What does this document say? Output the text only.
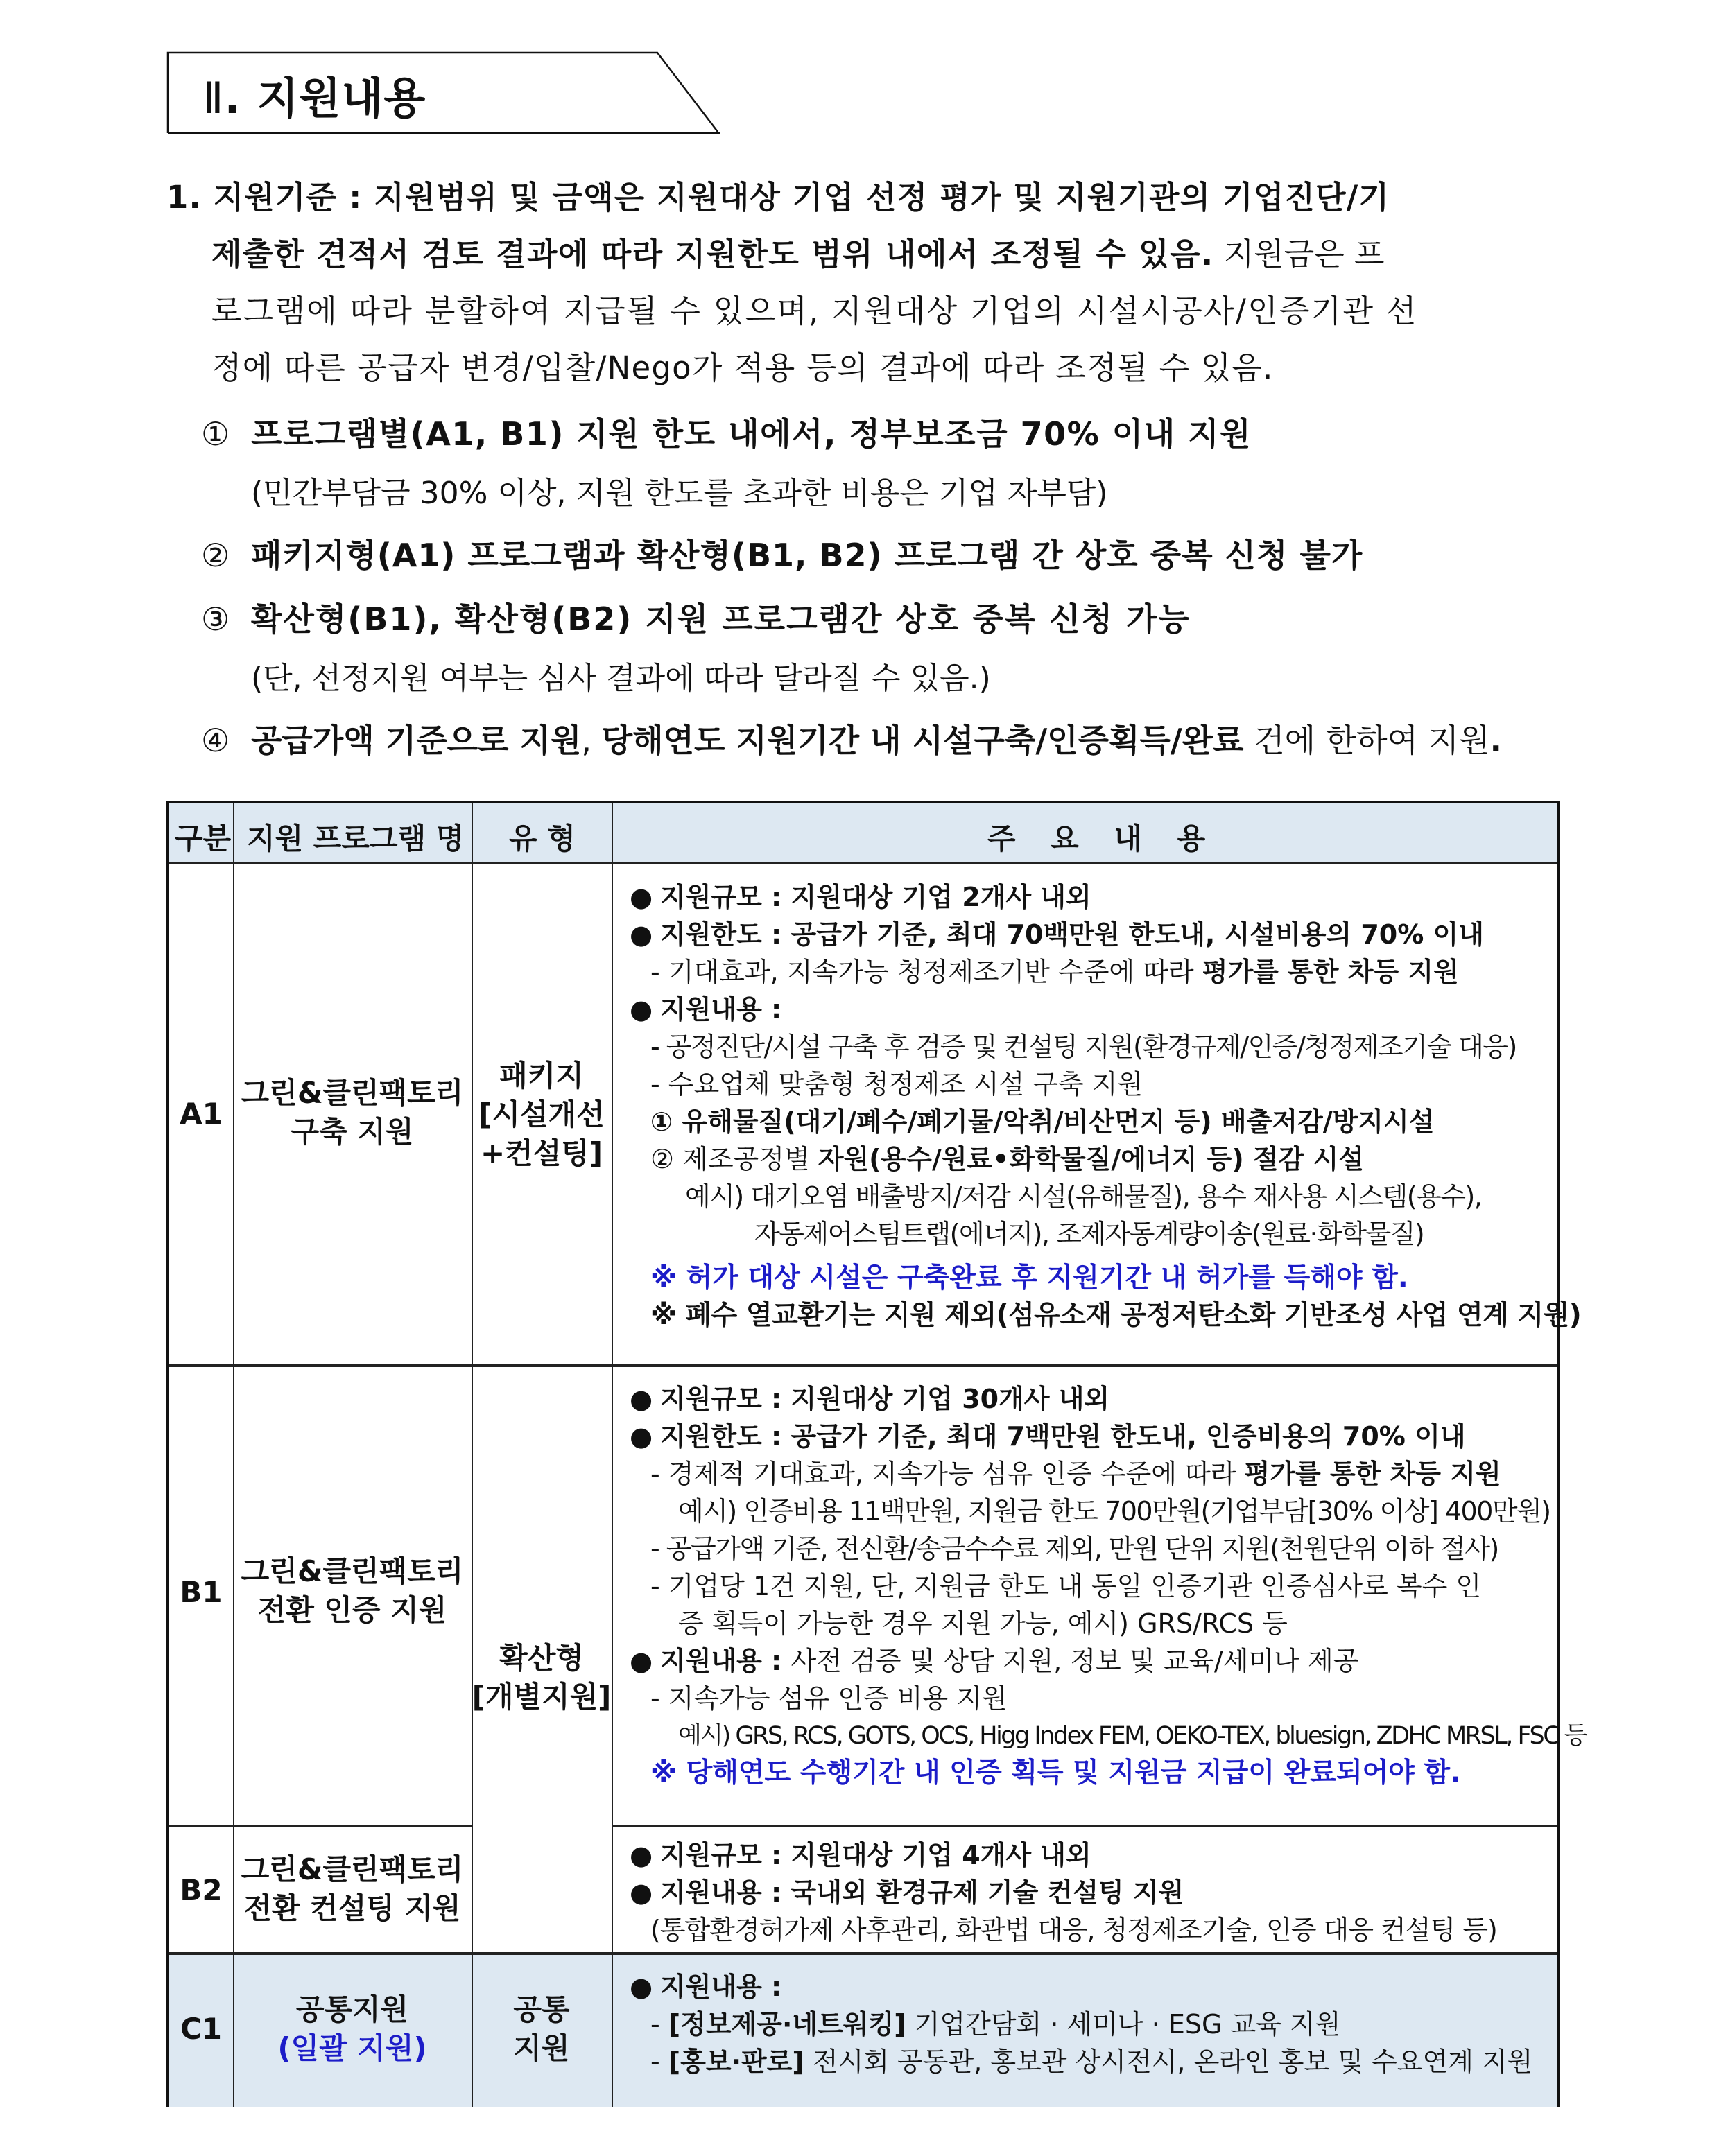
Ⅱ. 지원내용
1. 지원기준 : 지원범위 및 금액은 지원대상 기업 선정 평가 및 지원기관의 기업진단/기
제출한 견적서 검토 결과에 따라 지원한도 범위 내에서 조정될 수 있음. 지원금은 프
로그램에 따라 분할하여 지급될 수 있으며, 지원대상 기업의 시설시공사/인증기관 선
정에 따른 공급자 변경/입찰/Nego가 적용 등의 결과에 따라 조정될 수 있음.
① 프로그램별(A1, B1) 지원 한도 내에서, 정부보조금 70% 이내 지원
(민간부담금 30% 이상, 지원 한도를 초과한 비용은 기업 자부담)
② 패키지형(A1) 프로그램과 확산형(B1, B2) 프로그램 간 상호 중복 신청 불가
③ 확산형(B1), 확산형(B2) 지원 프로그램간 상호 중복 신청 가능
(단, 선정지원 여부는 심사 결과에 따라 달라질 수 있음.)
④ 공급가액 기준으로 지원, 당해연도 지원기간 내 시설구축/인증획득/완료 건에 한하여 지원.
구분 지원 프로그램 명 유 형	주 요 내 용
A1
그린&클린팩토리
구축 지원
패키지
[시설개선
+컨설팅]
● 지원규모 : 지원대상 기업 2개사 내외
● 지원한도 : 공급가 기준, 최대 70백만원 한도내, 시설비용의 70% 이내
- 기대효과, 지속가능 청정제조기반 수준에 따라 평가를 통한 차등 지원
● 지원내용 :
- 공정진단/시설 구축 후 검증 및 컨설팅 지원(환경규제/인증/청정제조기술 대응)
- 수요업체 맞춤형 청정제조 시설 구축 지원
① 유해물질(대기/폐수/폐기물/악취/비산먼지 등) 배출저감/방지시설
② 제조공정별 자원(용수/원료•화학물질/에너지 등) 절감 시설
예시) 대기오염 배출방지/저감 시설(유해물질), 용수 재사용 시스템(용수),
자동제어스팀트랩(에너지), 조제자동계량이송(원료·화학물질)
※ 허가 대상 시설은 구축완료 후 지원기간 내 허가를 득해야 함.
※ 폐수 열교환기는 지원 제외(섬유소재 공정저탄소화 기반조성 사업 연계 지원)
B1
그린&클린팩토리
전환 인증 지원
확산형
[개별지원]
● 지원규모 : 지원대상 기업 30개사 내외
● 지원한도 : 공급가 기준, 최대 7백만원 한도내, 인증비용의 70% 이내
- 경제적 기대효과, 지속가능 섬유 인증 수준에 따라 평가를 통한 차등 지원
예시) 인증비용 11백만원, 지원금 한도 700만원(기업부담[30% 이상] 400만원)
- 공급가액 기준, 전신환/송금수수료 제외, 만원 단위 지원(천원단위 이하 절사)
- 기업당 1건 지원, 단, 지원금 한도 내 동일 인증기관 인증심사로 복수 인
증 획득이 가능한 경우 지원 가능, 예시) GRS/RCS 등
● 지원내용 : 사전 검증 및 상담 지원, 정보 및 교육/세미나 제공
- 지속가능 섬유 인증 비용 지원
예시) GRS, RCS, GOTS, OCS, Higg Index FEM, OEKO-TEX, bluesign, ZDHC MRSL, FSC 등
※ 당해연도 수행기간 내 인증 획득 및 지원금 지급이 완료되어야 함.
B2
그린&클린팩토리
전환 컨설팅 지원
● 지원규모 : 지원대상 기업 4개사 내외
● 지원내용 : 국내외 환경규제 기술 컨설팅 지원
(통합환경허가제 사후관리, 화관법 대응, 청정제조기술, 인증 대응 컨설팅 등)
C1
공통지원
(일괄 지원)
공통
지원
● 지원내용 :
- [정보제공·네트워킹] 기업간담회 · 세미나 · ESG 교육 지원
- [홍보·판로] 전시회 공동관, 홍보관 상시전시, 온라인 홍보 및 수요연계 지원
